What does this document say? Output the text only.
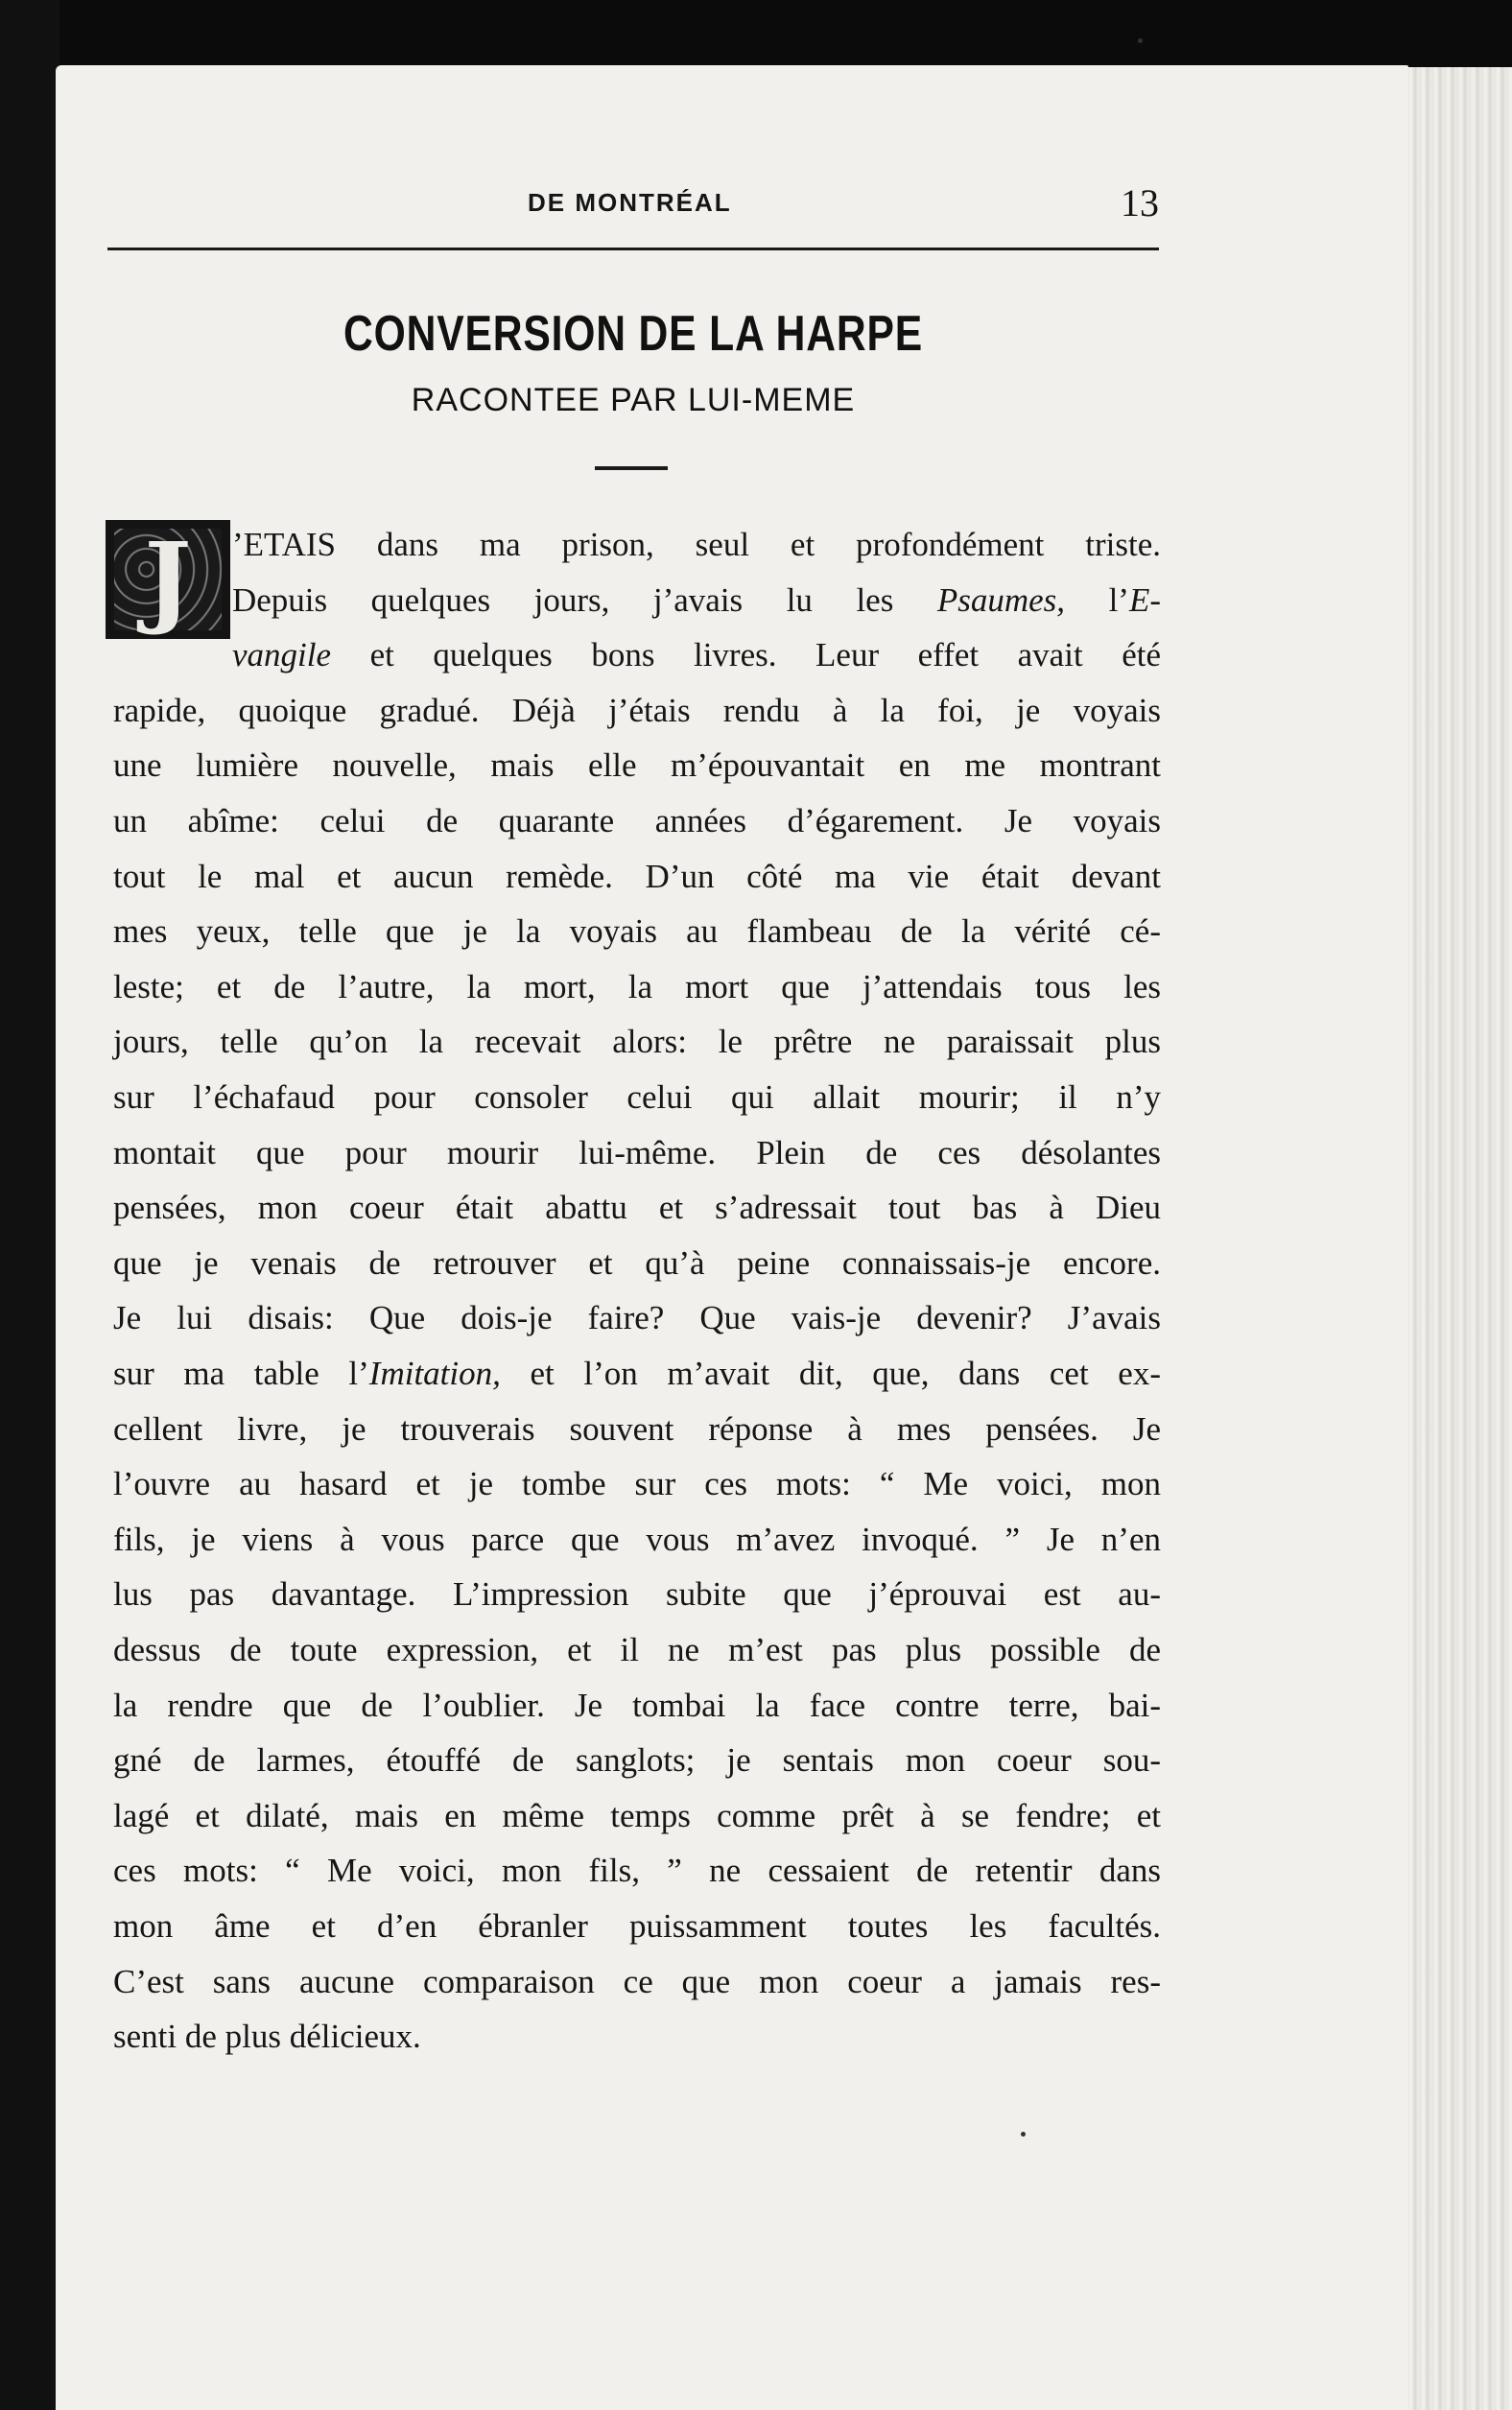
DE MONTRÉAL	13
CONVERSION DE LA HARPE
RACONTEE PAR LUI-MEME
J ’ETAIS dans ma prison, seul et profondément triste.
Depuis quelques jours, j’avais lu les Psaumes, l’E-
vangile et quelques bons livres. Leur effet avait été
rapide, quoique gradué. Déjà j’étais rendu à la foi, je voyais
une lumière nouvelle, mais elle m’épouvantait en me montrant
un abîme: celui de quarante années d’égarement. Je voyais
tout le mal et aucun remède. D’un côté ma vie était devant
mes yeux, telle que je la voyais au flambeau de la vérité cé-
leste; et de l’autre, la mort, la mort que j’attendais tous les
jours, telle qu’on la recevait alors: le prêtre ne paraissait plus
sur l’échafaud pour consoler celui qui allait mourir; il n’y
montait que pour mourir lui-même. Plein de ces désolantes
pensées, mon coeur était abattu et s’adressait tout bas à Dieu
que je venais de retrouver et qu’à peine connaissais-je encore.
Je lui disais: Que dois-je faire? Que vais-je devenir? J’avais
sur ma table l’Imitation, et l’on m’avait dit, que, dans cet ex-
cellent livre, je trouverais souvent réponse à mes pensées. Je
l’ouvre au hasard et je tombe sur ces mots: “ Me voici, mon
fils, je viens à vous parce que vous m’avez invoqué. ” Je n’en
lus pas davantage. L’impression subite que j’éprouvai est au-
dessus de toute expression, et il ne m’est pas plus possible de
la rendre que de l’oublier. Je tombai la face contre terre, bai-
gné de larmes, étouffé de sanglots; je sentais mon coeur sou-
lagé et dilaté, mais en même temps comme prêt à se fendre; et
ces mots: “ Me voici, mon fils, ” ne cessaient de retentir dans
mon âme et d’en ébranler puissamment toutes les facultés.
C’est sans aucune comparaison ce que mon coeur a jamais res-
senti de plus délicieux.
